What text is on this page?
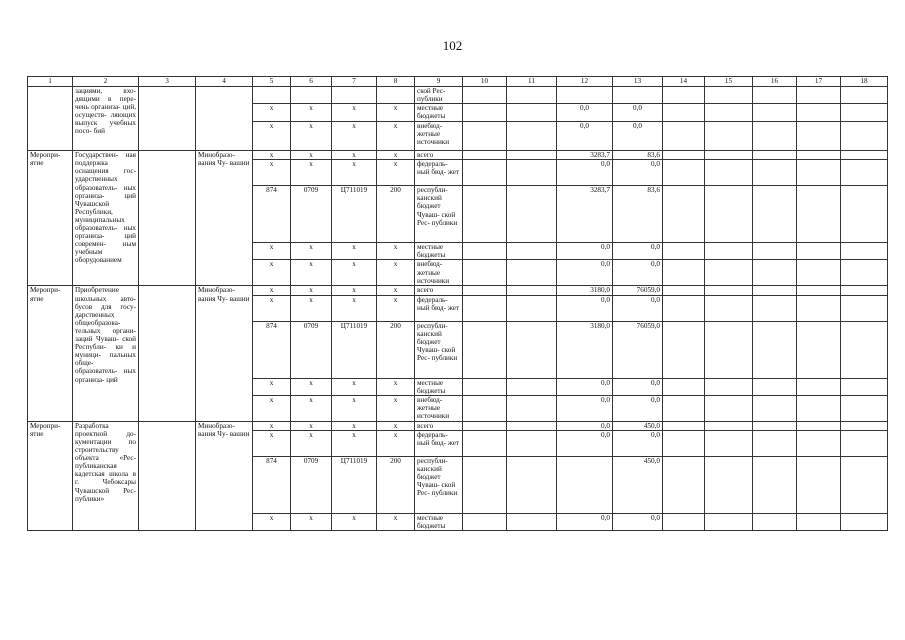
102
1	2	3	4	5	6	7	8	9	10	11	12	13	14	15	16	17	18
	зациями, вхо- дящими в пере- чень организа- ций, осуществ- ляющих выпуск учебных посо- бий							ской Рес- публики									
				х	х	х	х	местные бюджеты			0,0	0,0					
				х	х	х	х	внебюд- жетные источники			0,0	0,0					
Меропри- ятие	Государствен- ная поддержка оснащения гос- ударственных образователь- ных организа- ций Чувашской Республики, муниципальных образователь- ных организа- ций современ- ным учебным оборудованием		Минобразо- вания Чу- вашии	х	х	х	х	всего			3283,7	83,6					
				х	х	х	х	федераль- ный бюд- жет			0,0	0,0					
				874	0709	Ц711019	200	республи- канский бюджет Чуваш- ской Рес- публики			3283,7	83,6					
				х	х	х	х	местные бюджеты			0,0	0,0					
				х	х	х	х	внебюд- жетные источники			0,0	0,0					
Меропри- ятие	Приобретение школьных авто- бусов для госу- дарственных общеобразова- тельных органи- заций Чуваш- ской Республи- ки и муници- пальных обще- образователь- ных организа- ций		Минобразо- вания Чу- вашии	х	х	х	х	всего			3180,0	76059,0					
				х	х	х	х	федераль- ный бюд- жет			0,0	0,0					
				874	0709	Ц711019	200	республи- канский бюджет Чуваш- ской Рес- публики			3180,0	76059,0					
				х	х	х	х	местные бюджеты			0,0	0,0					
				х	х	х	х	внебюд- жетные источники			0,0	0,0					
Меропри- ятие	Разработка проектной до- кументации по строительству объекта «Рес- публиканская кадетская школа в г. Чебоксары Чувашской Рес- публики»		Минобразо- вания Чу- вашии	х	х	х	х	всего			0,0	450,0					
				х	х	х	х	федераль- ный бюд- жет			0,0	0,0					
				874	0709	Ц711019	200	республи- канский бюджет Чуваш- ской Рес- публики				450,0					
				х	х	х	х	местные бюджеты			0,0	0,0					
